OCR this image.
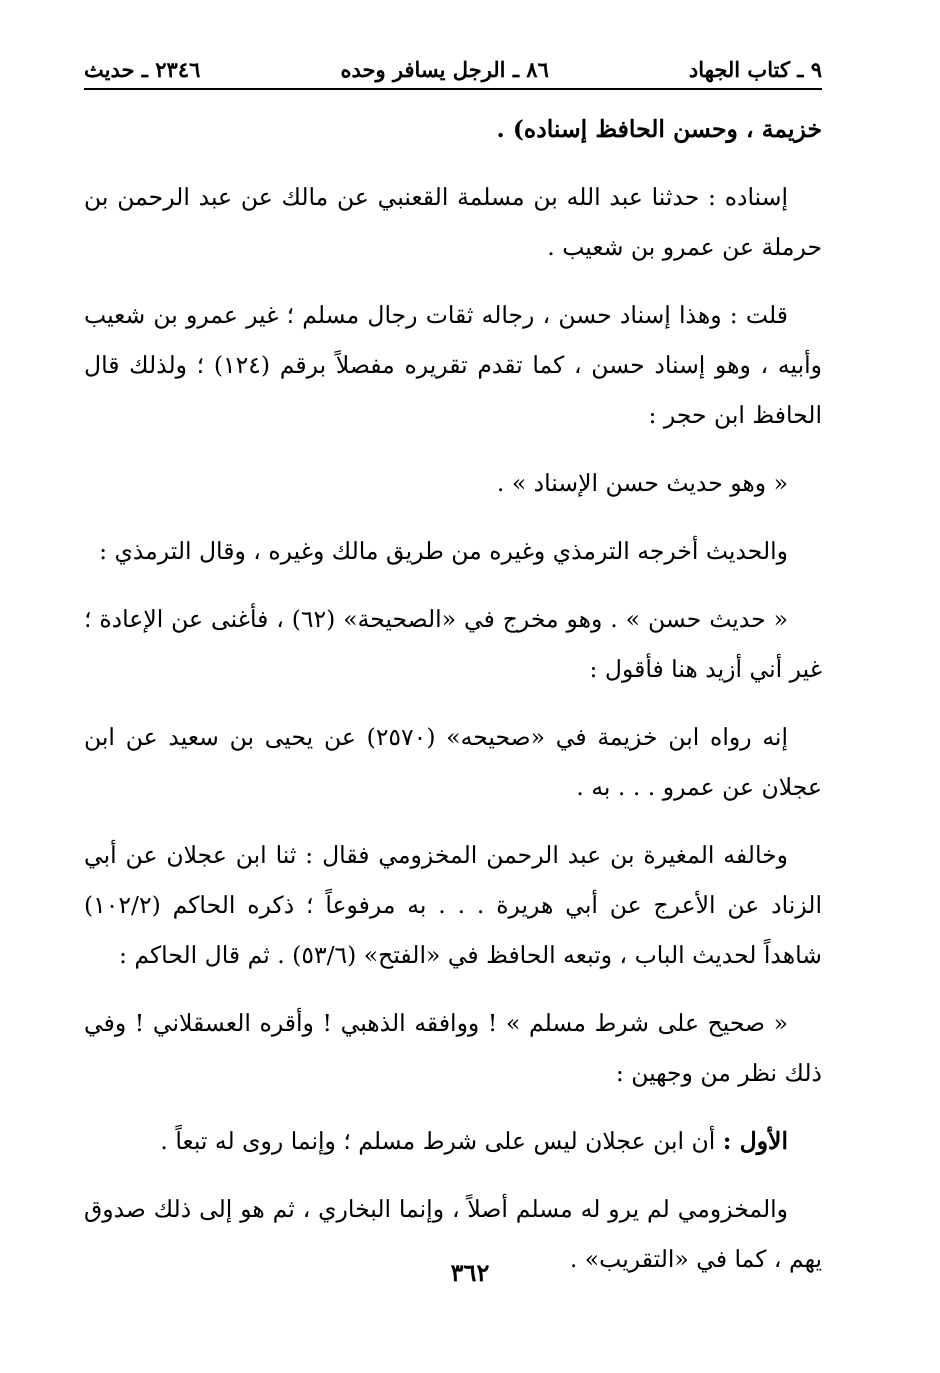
٩ ـ كتاب الجهاد
٨٦ ـ الرجل يسافر وحده
٢٣٤٦ ـ حديث

خزيمة ، وحسن الحافظ إسناده) .

إسناده : حدثنا عبد الله بن مسلمة القعنبي عن مالك عن عبد الرحمن بن حرملة عن عمرو بن شعيب .

قلت : وهذا إسناد حسن ، رجاله ثقات رجال مسلم ؛ غير عمرو بن شعيب وأبيه ، وهو إسناد حسن ، كما تقدم تقريره مفصلاً برقم (١٢٤) ؛ ولذلك قال الحافظ ابن حجر :

« وهو حديث حسن الإسناد » .

والحديث أخرجه الترمذي وغيره من طريق مالك وغيره ، وقال الترمذي :

« حديث حسن » . وهو مخرج في «الصحيحة» (٦٢) ، فأغنى عن الإعادة ؛ غير أني أزيد هنا فأقول :

إنه رواه ابن خزيمة في «صحيحه» (٢٥٧٠) عن يحيى بن سعيد عن ابن عجلان عن عمرو . . . به .

وخالفه المغيرة بن عبد الرحمن المخزومي فقال : ثنا ابن عجلان عن أبي الزناد عن الأعرج عن أبي هريرة . . . به مرفوعاً ؛ ذكره الحاكم (١٠٢/٢) شاهداً لحديث الباب ، وتبعه الحافظ في «الفتح» (٥٣/٦) . ثم قال الحاكم :

« صحيح على شرط مسلم » ! ووافقه الذهبي ! وأقره العسقلاني ! وفي ذلك نظر من وجهين :

الأول : أن ابن عجلان ليس على شرط مسلم ؛ وإنما روى له تبعاً .

والمخزومي لم يرو له مسلم أصلاً ، وإنما البخاري ، ثم هو إلى ذلك صدوق يهم ، كما في «التقريب» .

٣٦٢
